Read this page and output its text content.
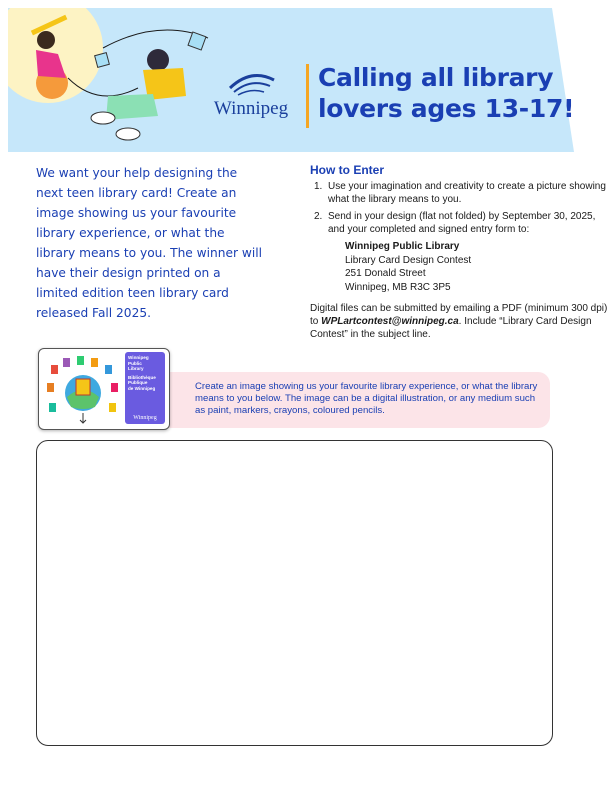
Winnipeg
Calling all library
lovers ages 13-17!
We want your help designing the next teen library card! Create an image showing us your favourite library experience, or what the library means to you. The winner will have their design printed on a limited edition teen library card released Fall 2025.
How to Enter
1. Use your imagination and creativity to create a picture showing what the library means to you.
2. Send in your design (flat not folded) by September 30, 2025, and your completed and signed entry form to:
Winnipeg Public Library
Library Card Design Contest
251 Donald Street
Winnipeg, MB R3C 3P5
Digital files can be submitted by emailing a PDF (minimum 300 dpi) to WPLartcontest@winnipeg.ca. Include “Library Card Design Contest” in the subject line.
Create an image showing us your favourite library experience, or what the library means to you below. The image can be a digital illustration, or any medium such as paint, markers, crayons, coloured pencils.
Winnipeg
Public
Library
Bibliothèque
Publique
de Winnipeg
Winnipeg
